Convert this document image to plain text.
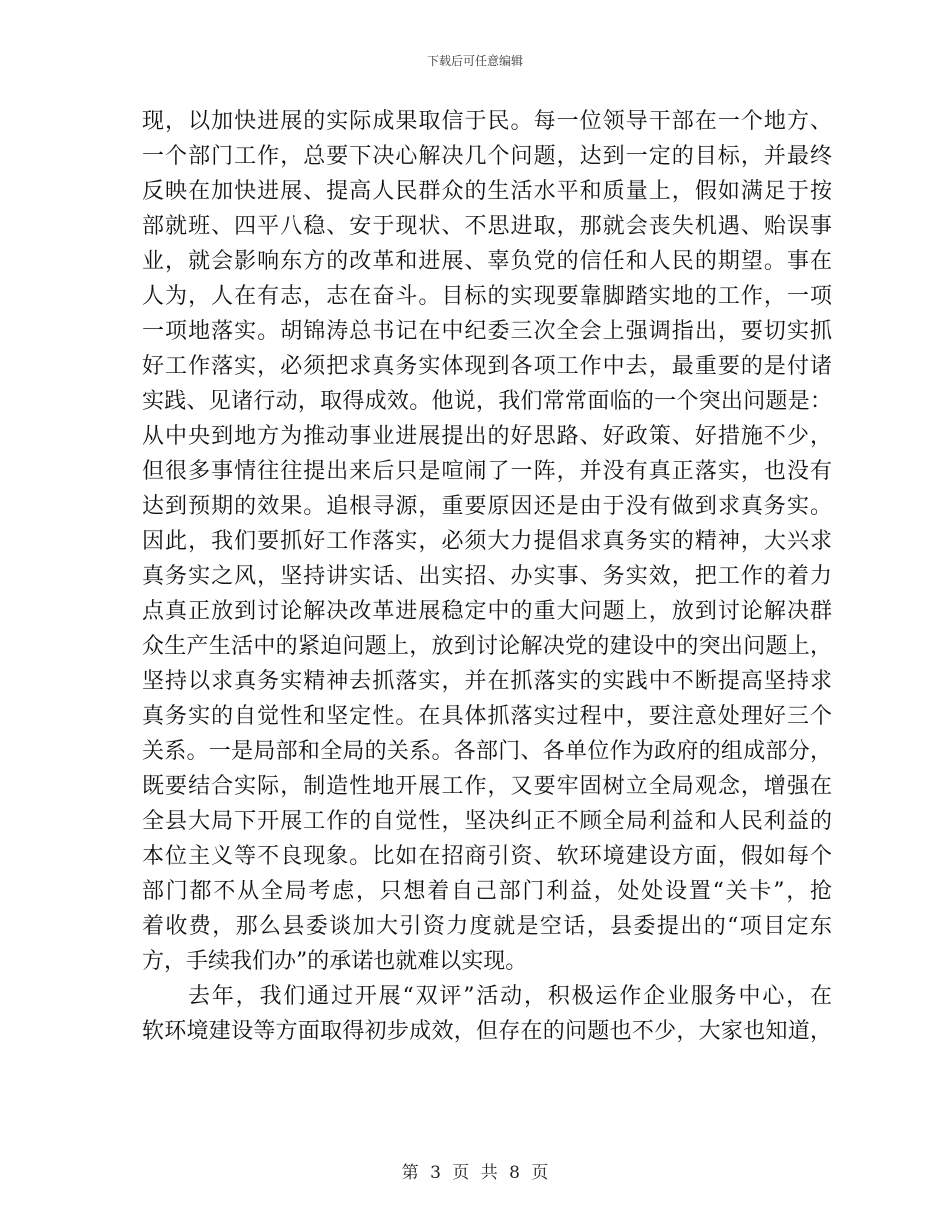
下载后可任意编辑
现，以加快进展的实际成果取信于民。每一位领导干部在一个地方、
一个部门工作，总要下决心解决几个问题，达到一定的目标，并最终
反映在加快进展、提高人民群众的生活水平和质量上，假如满足于按
部就班、四平八稳、安于现状、不思进取，那就会丧失机遇、贻误事
业，就会影响东方的改革和进展、辜负党的信任和人民的期望。事在
人为，人在有志，志在奋斗。目标的实现要靠脚踏实地的工作，一项
一项地落实。胡锦涛总书记在中纪委三次全会上强调指出，要切实抓
好工作落实，必须把求真务实体现到各项工作中去，最重要的是付诸
实践、见诸行动，取得成效。他说，我们常常面临的一个突出问题是：
从中央到地方为推动事业进展提出的好思路、好政策、好措施不少，
但很多事情往往提出来后只是喧闹了一阵，并没有真正落实，也没有
达到预期的效果。追根寻源，重要原因还是由于没有做到求真务实。
因此，我们要抓好工作落实，必须大力提倡求真务实的精神，大兴求
真务实之风，坚持讲实话、出实招、办实事、务实效，把工作的着力
点真正放到讨论解决改革进展稳定中的重大问题上，放到讨论解决群
众生产生活中的紧迫问题上，放到讨论解决党的建设中的突出问题上，
坚持以求真务实精神去抓落实，并在抓落实的实践中不断提高坚持求
真务实的自觉性和坚定性。在具体抓落实过程中，要注意处理好三个
关系。一是局部和全局的关系。各部门、各单位作为政府的组成部分，
既要结合实际，制造性地开展工作，又要牢固树立全局观念，增强在
全县大局下开展工作的自觉性，坚决纠正不顾全局利益和人民利益的
本位主义等不良现象。比如在招商引资、软环境建设方面，假如每个
部门都不从全局考虑，只想着自己部门利益，处处设置“关卡”，抢
着收费，那么县委谈加大引资力度就是空话，县委提出的“项目定东
方，手续我们办”的承诺也就难以实现。
去年，我们通过开展“双评”活动，积极运作企业服务中心，在
软环境建设等方面取得初步成效，但存在的问题也不少，大家也知道，
第 3 页 共 8 页
